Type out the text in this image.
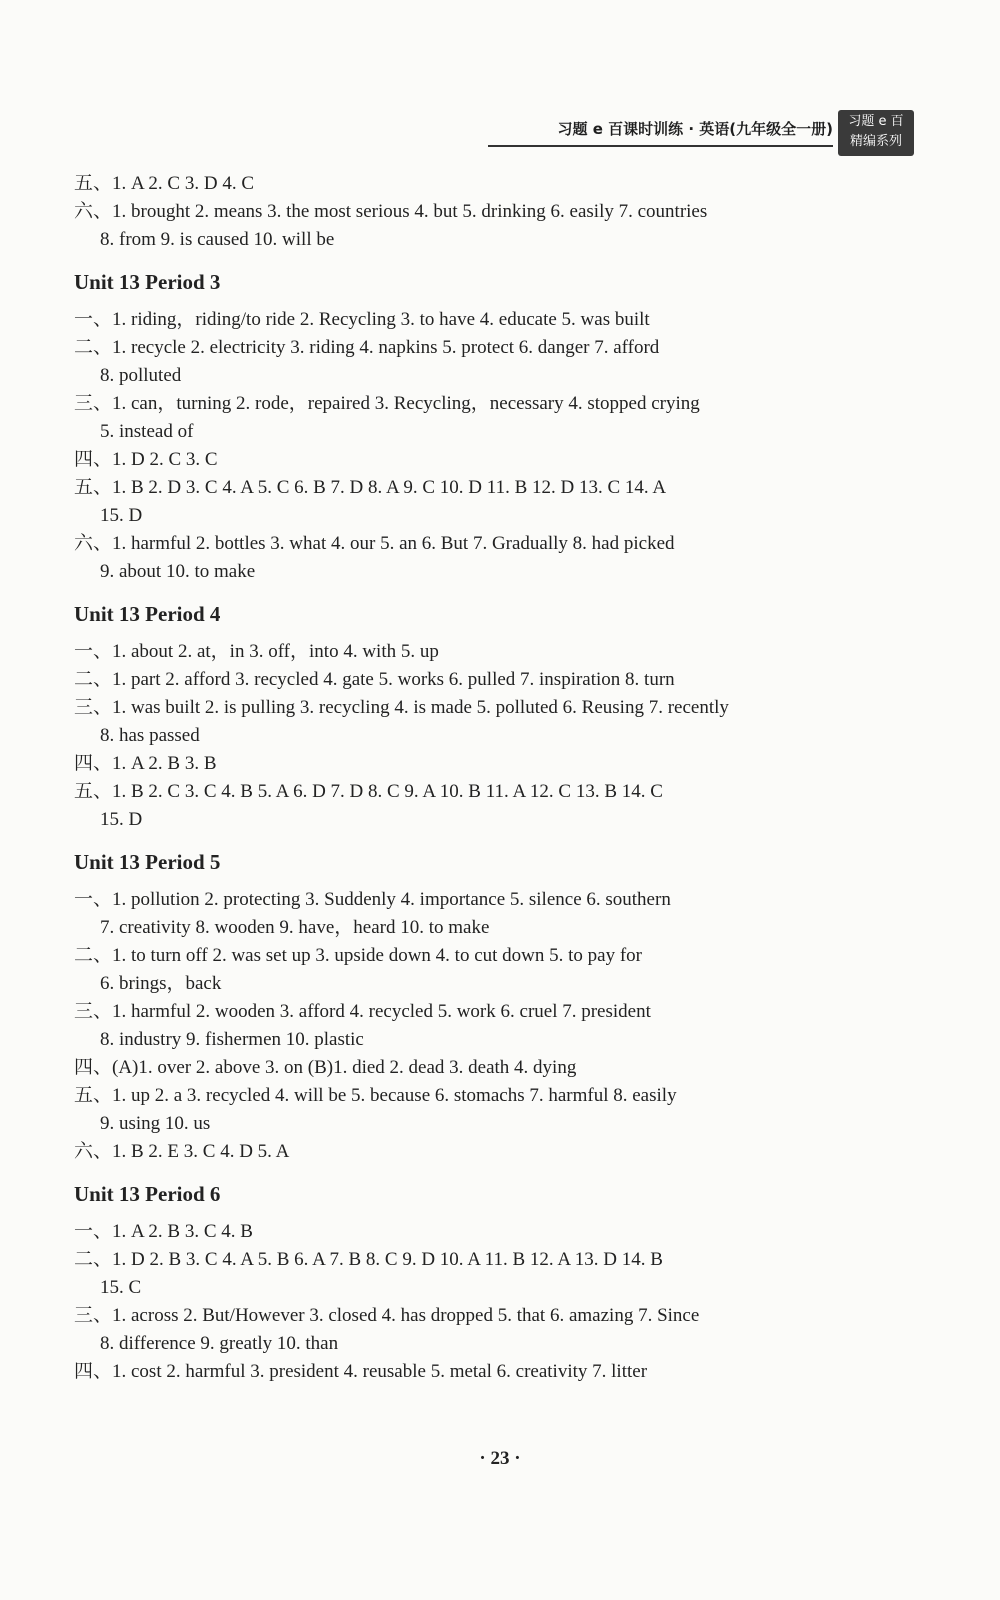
习题 e 百课时训练 · 英语(九年级全一册)	习题 e 百
精编系列
五、1. A 2. C 3. D 4. C
六、1. brought 2. means 3. the most serious 4. but 5. drinking 6. easily 7. countries
8. from 9. is caused 10. will be
Unit 13 Period 3
一、1. riding，riding/to ride 2. Recycling 3. to have 4. educate 5. was built
二、1. recycle 2. electricity 3. riding 4. napkins 5. protect 6. danger 7. afford
8. polluted
三、1. can，turning 2. rode，repaired 3. Recycling，necessary 4. stopped crying
5. instead of
四、1. D 2. C 3. C
五、1. B 2. D 3. C 4. A 5. C 6. B 7. D 8. A 9. C 10. D 11. B 12. D 13. C 14. A
15. D
六、1. harmful 2. bottles 3. what 4. our 5. an 6. But 7. Gradually 8. had picked
9. about 10. to make
Unit 13 Period 4
一、1. about 2. at，in 3. off，into 4. with 5. up
二、1. part 2. afford 3. recycled 4. gate 5. works 6. pulled 7. inspiration 8. turn
三、1. was built 2. is pulling 3. recycling 4. is made 5. polluted 6. Reusing 7. recently
8. has passed
四、1. A 2. B 3. B
五、1. B 2. C 3. C 4. B 5. A 6. D 7. D 8. C 9. A 10. B 11. A 12. C 13. B 14. C
15. D
Unit 13 Period 5
一、1. pollution 2. protecting 3. Suddenly 4. importance 5. silence 6. southern
7. creativity 8. wooden 9. have，heard 10. to make
二、1. to turn off 2. was set up 3. upside down 4. to cut down 5. to pay for
6. brings，back
三、1. harmful 2. wooden 3. afford 4. recycled 5. work 6. cruel 7. president
8. industry 9. fishermen 10. plastic
四、(A)1. over 2. above 3. on (B)1. died 2. dead 3. death 4. dying
五、1. up 2. a 3. recycled 4. will be 5. because 6. stomachs 7. harmful 8. easily
9. using 10. us
六、1. B 2. E 3. C 4. D 5. A
Unit 13 Period 6
一、1. A 2. B 3. C 4. B
二、1. D 2. B 3. C 4. A 5. B 6. A 7. B 8. C 9. D 10. A 11. B 12. A 13. D 14. B
15. C
三、1. across 2. But/However 3. closed 4. has dropped 5. that 6. amazing 7. Since
8. difference 9. greatly 10. than
四、1. cost 2. harmful 3. president 4. reusable 5. metal 6. creativity 7. litter
· 23 ·
